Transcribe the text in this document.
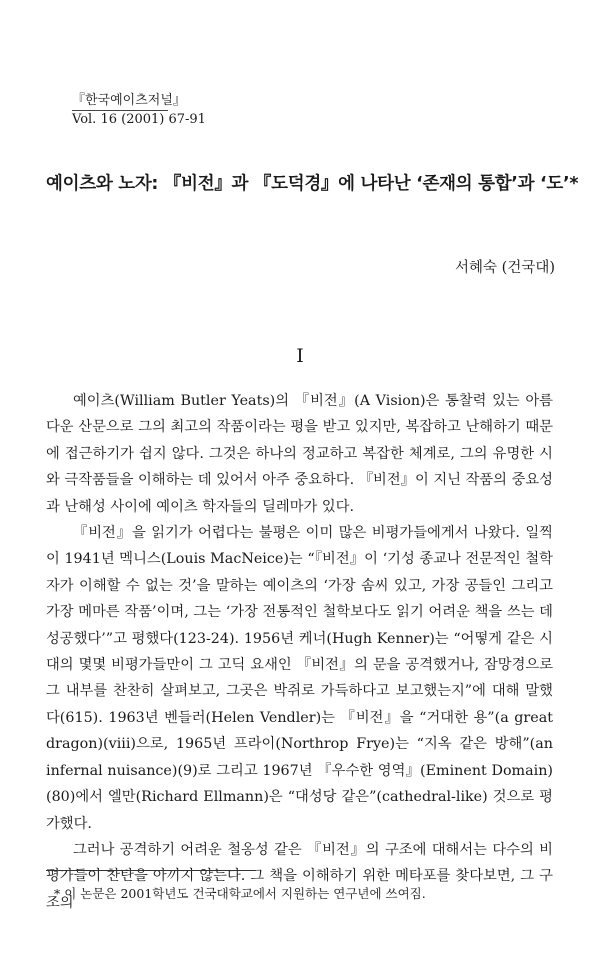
『한국예이츠저널』
Vol. 16 (2001) 67-91
예이츠와 노자: 『비전』과 『도덕경』에 나타난 ‘존재의 통합’과 ‘도’*
서혜숙 (건국대)
I

예이츠(William Butler Yeats)의 『비전』(A Vision)은 통찰력 있는 아름다운 산문으로 그의 최고의 작품이라는 평을 받고 있지만, 복잡하고 난해하기 때문에 접근하기가 쉽지 않다. 그것은 하나의 정교하고 복잡한 체계로, 그의 유명한 시와 극작품들을 이해하는 데 있어서 아주 중요하다. 『비전』이 지닌 작품의 중요성과 난해성 사이에 예이츠 학자들의 딜레마가 있다.

『비전』을 읽기가 어렵다는 불평은 이미 많은 비평가들에게서 나왔다. 일찍이 1941년 멕니스(Louis MacNeice)는 “『비전』이 ‘기성 종교나 전문적인 철학자가 이해할 수 없는 것’을 말하는 예이츠의 ‘가장 솜씨 있고, 가장 공들인 그리고 가장 메마른 작품’이며, 그는 ‘가장 전통적인 철학보다도 읽기 어려운 책을 쓰는 데 성공했다’”고 평했다(123-24). 1956년 케너(Hugh Kenner)는 “어떻게 같은 시대의 몇몇 비평가들만이 그 고딕 요새인 『비전』의 문을 공격했거나, 잠망경으로 그 내부를 찬찬히 살펴보고, 그곳은 박쥐로 가득하다고 보고했는지”에 대해 말했다(615). 1963년 벤들러(Helen Vendler)는 『비전』을 “거대한 용”(a great dragon)(viii)으로, 1965년 프라이(Northrop Frye)는 “지옥 같은 방해”(an infernal nuisance)(9)로 그리고 1967년 『우수한 영역』(Eminent Domain)(80)에서 엘만(Richard Ellmann)은 “대성당 같은”(cathedral-like) 것으로 평가했다.

그러나 공격하기 어려운 철옹성 같은 『비전』의 구조에 대해서는 다수의 비평가들이 찬탄을 아끼지 않는다. 그 책을 이해하기 위한 메타포를 찾다보면, 그 구조의

* 이 논문은 2001학년도 건국대학교에서 지원하는 연구년에 쓰여짐.
